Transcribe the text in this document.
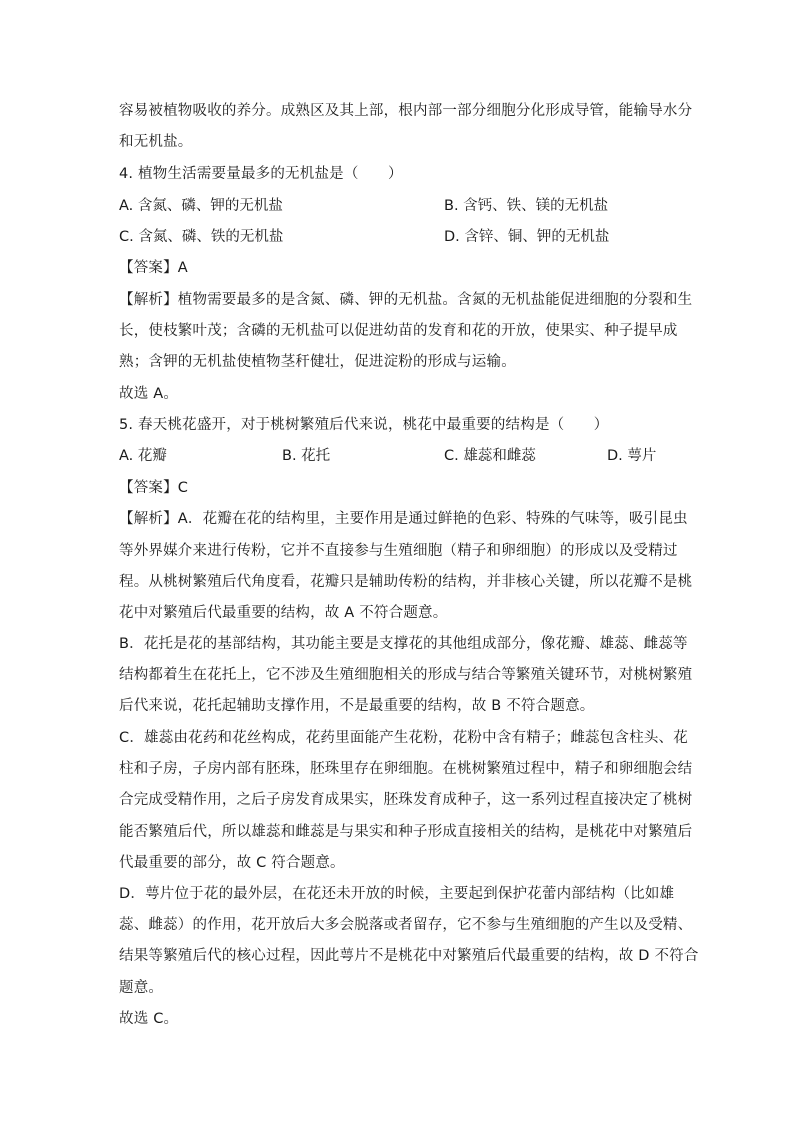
容易被植物吸收的养分。成熟区及其上部，根内部一部分细胞分化形成导管，能输导水分
和无机盐。
4. 植物生活需要量最多的无机盐是（　　）
A. 含氮、磷、钾的无机盐	B. 含钙、铁、镁的无机盐
C. 含氮、磷、铁的无机盐	D. 含锌、铜、钾的无机盐
【答案】A
【解析】植物需要最多的是含氮、磷、钾的无机盐。含氮的无机盐能促进细胞的分裂和生
长，使枝繁叶茂；含磷的无机盐可以促进幼苗的发育和花的开放，使果实、种子提早成
熟；含钾的无机盐使植物茎秆健壮，促进淀粉的形成与运输。
故选 A。
5. 春天桃花盛开，对于桃树繁殖后代来说，桃花中最重要的结构是（　　）
A. 花瓣	B. 花托	C. 雄蕊和雌蕊	D. 萼片
【答案】C
【解析】A．花瓣在花的结构里，主要作用是通过鲜艳的色彩、特殊的气味等，吸引昆虫
等外界媒介来进行传粉，它并不直接参与生殖细胞（精子和卵细胞）的形成以及受精过
程。从桃树繁殖后代角度看，花瓣只是辅助传粉的结构，并非核心关键，所以花瓣不是桃
花中对繁殖后代最重要的结构，故 A 不符合题意。
B．花托是花的基部结构，其功能主要是支撑花的其他组成部分，像花瓣、雄蕊、雌蕊等
结构都着生在花托上，它不涉及生殖细胞相关的形成与结合等繁殖关键环节，对桃树繁殖
后代来说，花托起辅助支撑作用，不是最重要的结构，故 B 不符合题意。
C．雄蕊由花药和花丝构成，花药里面能产生花粉，花粉中含有精子；雌蕊包含柱头、花
柱和子房，子房内部有胚珠，胚珠里存在卵细胞。在桃树繁殖过程中，精子和卵细胞会结
合完成受精作用，之后子房发育成果实，胚珠发育成种子，这一系列过程直接决定了桃树
能否繁殖后代，所以雄蕊和雌蕊是与果实和种子形成直接相关的结构，是桃花中对繁殖后
代最重要的部分，故 C 符合题意。
D．萼片位于花的最外层，在花还未开放的时候，主要起到保护花蕾内部结构（比如雄
蕊、雌蕊）的作用，花开放后大多会脱落或者留存，它不参与生殖细胞的产生以及受精、
结果等繁殖后代的核心过程，因此萼片不是桃花中对繁殖后代最重要的结构，故 D 不符合
题意。
故选 C。
